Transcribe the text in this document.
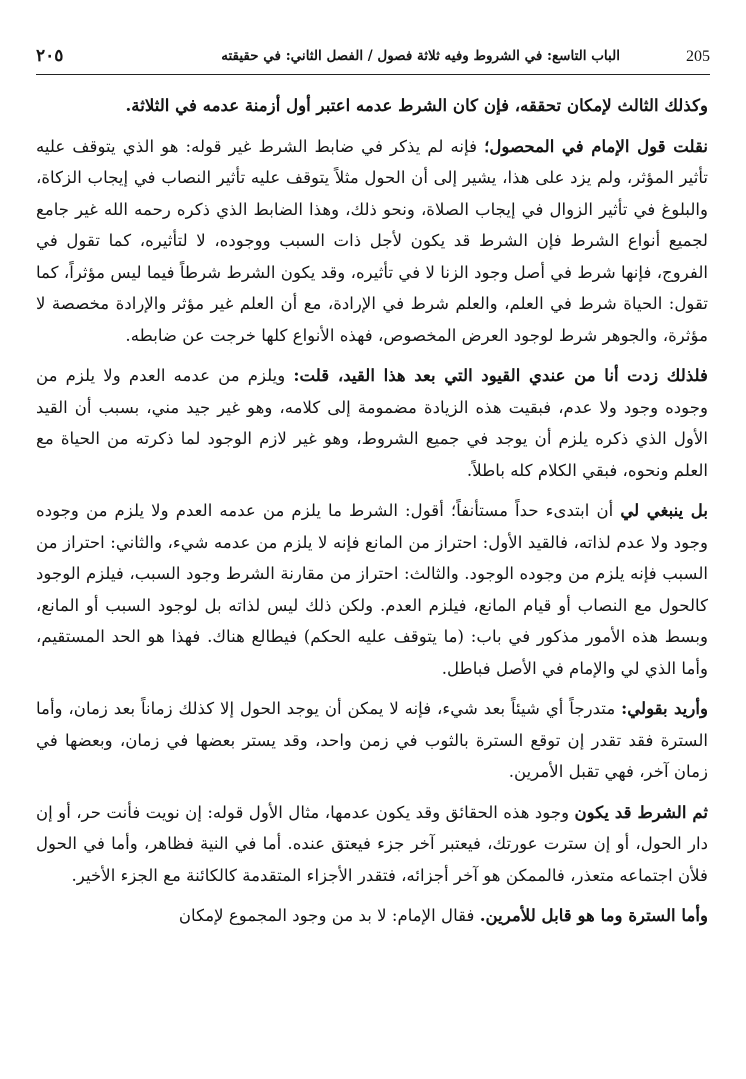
٢٠٥	الباب التاسع: في الشروط وفيه ثلاثة فصول / الفصل الثاني: في حقيقته	205

وكذلك الثالث لإمكان تحققه، فإن كان الشرط عدمه اعتبر أول أزمنة عدمه في الثلاثة.

نقلت قول الإمام في المحصول؛ فإنه لم يذكر في ضابط الشرط غير قوله: هو الذي يتوقف عليه تأثير المؤثر، ولم يزد على هذا، يشير إلى أن الحول مثلاً يتوقف عليه تأثير النصاب في إيجاب الزكاة، والبلوغ في تأثير الزوال في إيجاب الصلاة، ونحو ذلك، وهذا الضابط الذي ذكره رحمه الله غير جامع لجميع أنواع الشرط فإن الشرط قد يكون لأجل ذات السبب ووجوده، لا لتأثيره، كما تقول في الفروج، فإنها شرط في أصل وجود الزنا لا في تأثيره، وقد يكون الشرط شرطاً فيما ليس مؤثراً، كما تقول: الحياة شرط في العلم، والعلم شرط في الإرادة، مع أن العلم غير مؤثر والإرادة مخصصة لا مؤثرة، والجوهر شرط لوجود العرض المخصوص، فهذه الأنواع كلها خرجت عن ضابطه.

فلذلك زدت أنا من عندي القيود التي بعد هذا القيد، قلت: ويلزم من عدمه العدم ولا يلزم من وجوده وجود ولا عدم، فبقيت هذه الزيادة مضمومة إلى كلامه، وهو غير جيد مني، بسبب أن القيد الأول الذي ذكره يلزم أن يوجد في جميع الشروط، وهو غير لازم الوجود لما ذكرته من الحياة مع العلم ونحوه، فبقي الكلام كله باطلاً.

بل ينبغي لي أن ابتدىء حداً مستأنفاً؛ أقول: الشرط ما يلزم من عدمه العدم ولا يلزم من وجوده وجود ولا عدم لذاته، فالقيد الأول: احتراز من المانع فإنه لا يلزم من عدمه شيء، والثاني: احتراز من السبب فإنه يلزم من وجوده الوجود. والثالث: احتراز من مقارنة الشرط وجود السبب، فيلزم الوجود كالحول مع النصاب أو قيام المانع، فيلزم العدم. ولكن ذلك ليس لذاته بل لوجود السبب أو المانع، وبسط هذه الأمور مذكور في باب: (ما يتوقف عليه الحكم) فيطالع هناك. فهذا هو الحد المستقيم، وأما الذي لي والإمام في الأصل فباطل.

وأريد بقولي: متدرجاً أي شيئاً بعد شيء، فإنه لا يمكن أن يوجد الحول إلا كذلك زماناً بعد زمان، وأما السترة فقد تقدر إن توقع السترة بالثوب في زمن واحد، وقد يستر بعضها في زمان، وبعضها في زمان آخر، فهي تقبل الأمرين.

ثم الشرط قد يكون وجود هذه الحقائق وقد يكون عدمها، مثال الأول قوله: إن نويت فأنت حر، أو إن دار الحول، أو إن سترت عورتك، فيعتبر آخر جزء فيعتق عنده. أما في النية فظاهر، وأما في الحول فلأن اجتماعه متعذر، فالممكن هو آخر أجزائه، فتقدر الأجزاء المتقدمة كالكائنة مع الجزء الأخير.

وأما السترة وما هو قابل للأمرين. فقال الإمام: لا بد من وجود المجموع لإمكان
